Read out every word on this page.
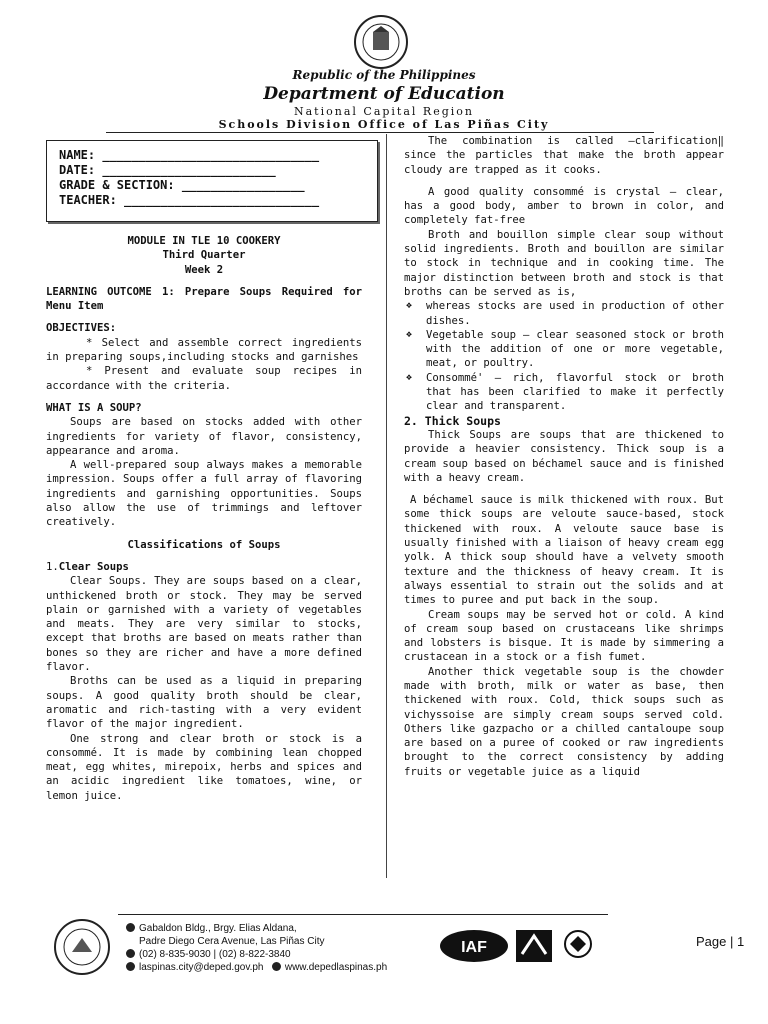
Republic of the Philippines
Department of Education
National Capital Region
Schools Division Office of Las Piñas City
NAME: ______________________________
DATE: ________________________
GRADE & SECTION: _________________
TEACHER: ___________________________

MODULE IN TLE 10 COOKERY

Third Quarter

Week 2

LEARNING OUTCOME 1: Prepare Soups Required for Menu Item

OBJECTIVES:

* Select and assemble correct ingredients in preparing soups,including stocks and garnishes

* Present and evaluate soup recipes in accordance with the criteria.

WHAT IS A SOUP?

Soups are based on stocks added with other ingredients for variety of flavor, consistency, appearance and aroma.

A well-prepared soup always makes a memorable impression. Soups offer a full array of flavoring ingredients and garnishing opportunities. Soups also allow the use of trimmings and leftover creatively.

Classifications of Soups

1.Clear Soups

Clear Soups. They are soups based on a clear, unthickened broth or stock. They may be served plain or garnished with a variety of vegetables and meats. They are very similar to stocks, except that broths are based on meats rather than bones so they are richer and have a more defined flavor.

Broths can be used as a liquid in preparing soups. A good quality broth should be clear, aromatic and rich-tasting with a very evident flavor of the major ingredient.

One strong and clear broth or stock is a consommé. It is made by combining lean chopped meat, egg whites, mirepoix, herbs and spices and an acidic ingredient like tomatoes, wine, or lemon juice.

The combination is called ―clarification‖ since the particles that make the broth appear cloudy are trapped as it cooks.

A good quality consommé is crystal – clear, has a good body, amber to brown in color, and completely fat-free

Broth and bouillon simple clear soup without solid ingredients. Broth and bouillon are similar to stock in technique and in cooking time. The major distinction between broth and stock is that broths can be served as is,

❖ whereas stocks are used in production of other dishes.
❖ Vegetable soup – clear seasoned stock or broth with the addition of one or more vegetable, meat, or poultry.
❖ Consommé' – rich, flavorful stock or broth that has been clarified to make it perfectly clear and transparent.

2. Thick Soups

Thick Soups are soups that are thickened to provide a heavier consistency. Thick soup is a cream soup based on béchamel sauce and is finished with a heavy cream.

A béchamel sauce is milk thickened with roux. But some thick soups are veloute sauce-based, stock thickened with roux. A veloute sauce base is usually finished with a liaison of heavy cream egg yolk. A thick soup should have a velvety smooth texture and the thickness of heavy cream. It is always essential to strain out the solids and at times to puree and put back in the soup.

Cream soups may be served hot or cold. A kind of cream soup based on crustaceans like shrimps and lobsters is bisque. It is made by simmering a crustacean in a stock or a fish fumet.

Another thick vegetable soup is the chowder made with broth, milk or water as base, then thickened with roux. Cold, thick soups such as vichyssoise are simply cream soups served cold. Others like gazpacho or a chilled cantaloupe soup are based on a puree of cooked or raw ingredients brought to the correct consistency by adding fruits or vegetable juice as a liquid

Gabaldon Bldg., Brgy. Elias Aldana,
Padre Diego Cera Avenue, Las Piñas City
(02) 8-835-9030 | (02) 8-822-3840
laspinas.city@deped.gov.ph www.depedlaspinas.ph
IAF	Page | 1
